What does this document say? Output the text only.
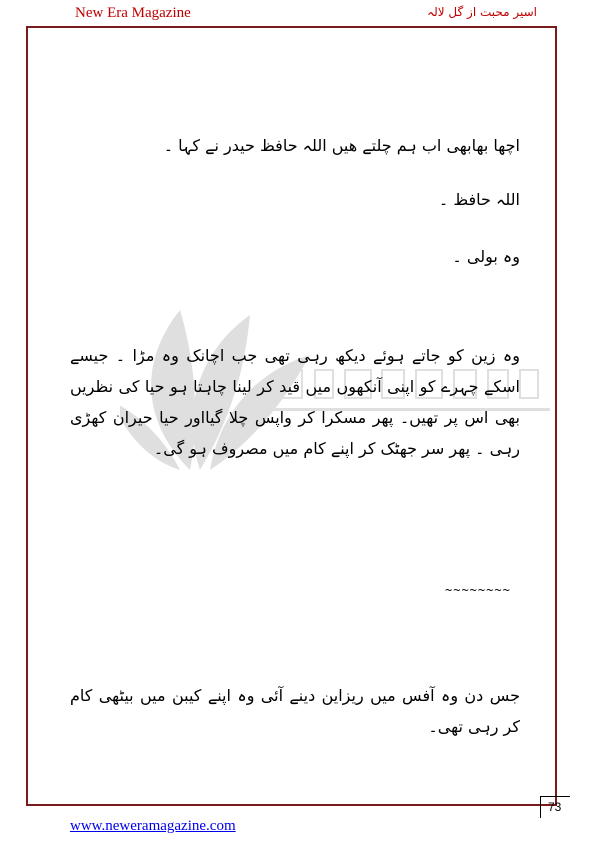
New Era Magazine	اسیر محبت از گل لالہ

اچھا بھابھی اب ہم چلتے ھیں اللہ حافظ حیدر نے کہا ۔

اللہ حافظ ۔

وہ بولی ۔

وہ زین کو جاتے ہوئے دیکھ رہی تھی جب اچانک وہ مڑا ۔ جیسے اسکے چہرے کو اپنی آنکھوں میں قید کر لینا چاہتا ہو حیا کی نظریں بھی اس پر تھیں۔ پھر مسکرا کر واپس چلا گیااور حیا حیران کھڑی رہی ۔ پھر سر جھٹک کر اپنے کام میں مصروف ہو گی۔

~~~~~~~~

جس دن وہ آفس میں ریزاین دینے آئی وہ اپنے کیبن میں بیٹھی کام کر رہی تھی۔

73
www.neweramagazine.com
